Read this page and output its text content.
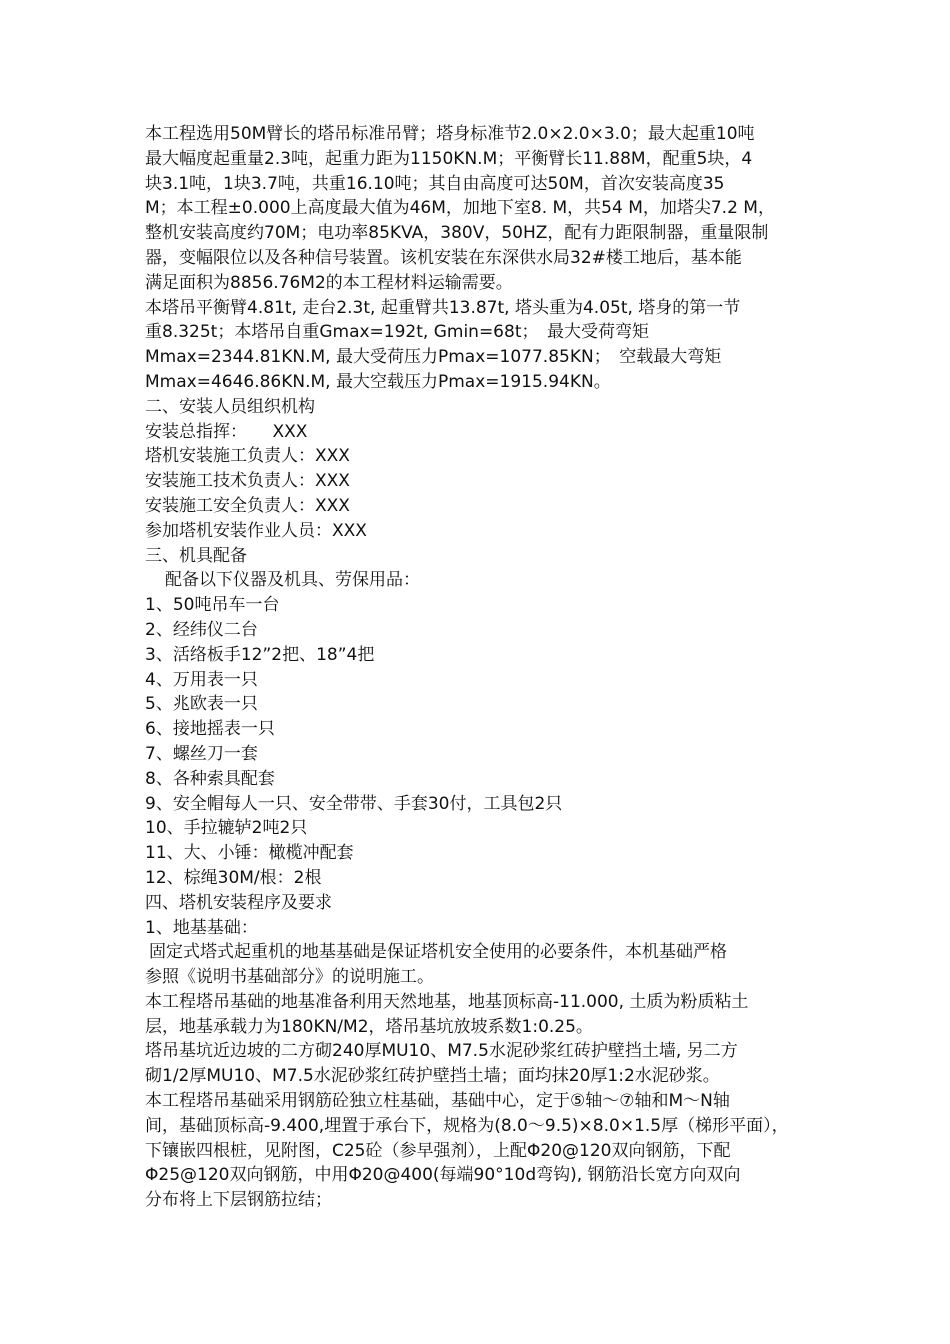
本工程选用50M臂长的塔吊标准吊臂；塔身标准节2.0×2.0×3.0；最大起重10吨
最大幅度起重量2.3吨，起重力距为1150KN.M；平衡臂长11.88M，配重5块，4
块3.1吨，1块3.7吨，共重16.10吨；其自由高度可达50M，首次安装高度35
M；本工程±0.000上高度最大值为46M，加地下室8. M，共54 M，加塔尖7.2 M，
整机安装高度约70M；电功率85KVA，380V，50HZ，配有力距限制器，重量限制
器，变幅限位以及各种信号装置。该机安装在东深供水局32#楼工地后，基本能
满足面积为8856.76M2的本工程材料运输需要。
本塔吊平衡臂4.81t, 走台2.3t, 起重臂共13.87t, 塔头重为4.05t, 塔身的第一节
重8.325t；本塔吊自重Gmax=192t, Gmin=68t；　最大受荷弯矩
Mmax=2344.81KN.M, 最大受荷压力Pmax=1077.85KN；　空载最大弯矩
Mmax=4646.86KN.M, 最大空载压力Pmax=1915.94KN。
二、安装人员组织机构
安装总指挥：　　XXX
塔机安装施工负责人：XXX
安装施工技术负责人：XXX
安装施工安全负责人：XXX
参加塔机安装作业人员：XXX
三、机具配备
配备以下仪器及机具、劳保用品：
1、50吨吊车一台
2、经纬仪二台
3、活络板手12”2把、18”4把
4、万用表一只
5、兆欧表一只
6、接地摇表一只
7、螺丝刀一套
8、各种索具配套
9、安全帽每人一只、安全带带、手套30付，工具包2只
10、手拉辘轳2吨2只
11、大、小锤：橄榄冲配套
12、棕绳30M/根：2根
四、塔机安装程序及要求
1、地基基础：
固定式塔式起重机的地基基础是保证塔机安全使用的必要条件，本机基础严格
参照《说明书基础部分》的说明施工。
本工程塔吊基础的地基准备利用天然地基，地基顶标高-11.000, 土质为粉质粘土
层，地基承载力为180KN/M2，塔吊基坑放坡系数1:0.25。
塔吊基坑近边坡的二方砌240厚MU10、M7.5水泥砂浆红砖护壁挡土墙, 另二方
砌1/2厚MU10、M7.5水泥砂浆红砖护壁挡土墙；面均抹20厚1:2水泥砂浆。
本工程塔吊基础采用钢筋砼独立柱基础，基础中心，定于⑤轴～⑦轴和M～N轴
间，基础顶标高-9.400,埋置于承台下，规格为(8.0～9.5)×8.0×1.5厚（梯形平面），
下镶嵌四根桩，见附图，C25砼（参早强剂），上配Φ20@120双向钢筋，下配
Φ25@120双向钢筋，中用Φ20@400(每端90°10d弯钩), 钢筋沿长宽方向双向
分布将上下层钢筋拉结；
